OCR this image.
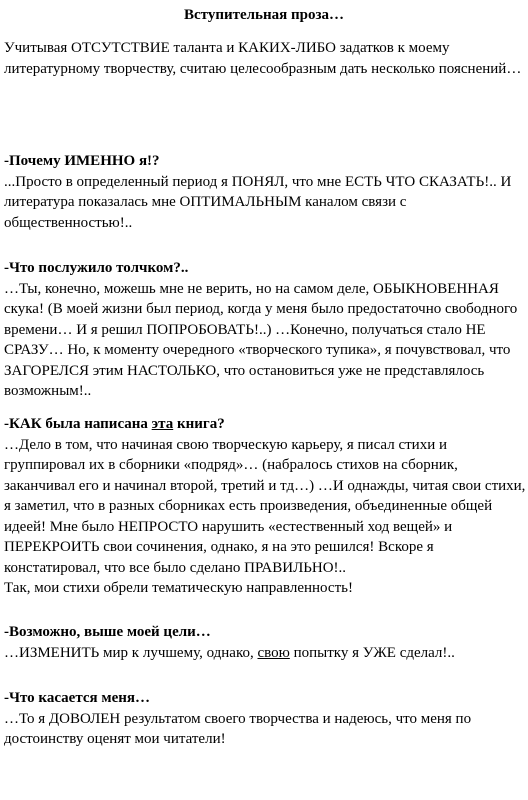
Вступительная проза…
Учитывая ОТСУТСТВИЕ таланта и КАКИХ-ЛИБО задатков к моему литературному творчеству, считаю целесообразным дать несколько пояснений…
-Почему ИМЕННО я!?
...Просто в определенный период я ПОНЯЛ, что мне ЕСТЬ ЧТО СКАЗАТЬ!.. И литература показалась мне ОПТИМАЛЬНЫМ каналом связи с общественностью!..
-Что послужило толчком?..
…Ты, конечно, можешь мне не верить, но на самом деле, ОБЫКНОВЕННАЯ скука! (В моей жизни был период, когда у меня было предостаточно свободного времени… И я решил ПОПРОБОВАТЬ!..) …Конечно, получаться стало НЕ СРАЗУ… Но, к моменту очередного «творческого тупика», я почувствовал, что ЗАГОРЕЛСЯ этим НАСТОЛЬКО, что остановиться уже не представлялось возможным!..
-КАК была написана эта книга?
…Дело в том, что начиная свою творческую карьеру, я писал стихи и группировал их в сборники «подряд»… (набралось стихов на сборник, заканчивал его и начинал второй, третий и тд…) …И однажды, читая свои стихи, я заметил, что в разных сборниках есть произведения, объединенные общей идеей! Мне было НЕПРОСТО нарушить «естественный ход вещей» и ПЕРЕКРОИТЬ свои сочинения, однако, я на это решился! Вскоре я констатировал, что все было сделано ПРАВИЛЬНО!..
Так, мои стихи обрели тематическую направленность!
-Возможно, выше моей цели…
…ИЗМЕНИТЬ мир к лучшему, однако, свою попытку я УЖЕ сделал!..
-Что касается меня…
…То я ДОВОЛЕН результатом своего творчества и надеюсь, что меня по достоинству оценят мои читатели!
